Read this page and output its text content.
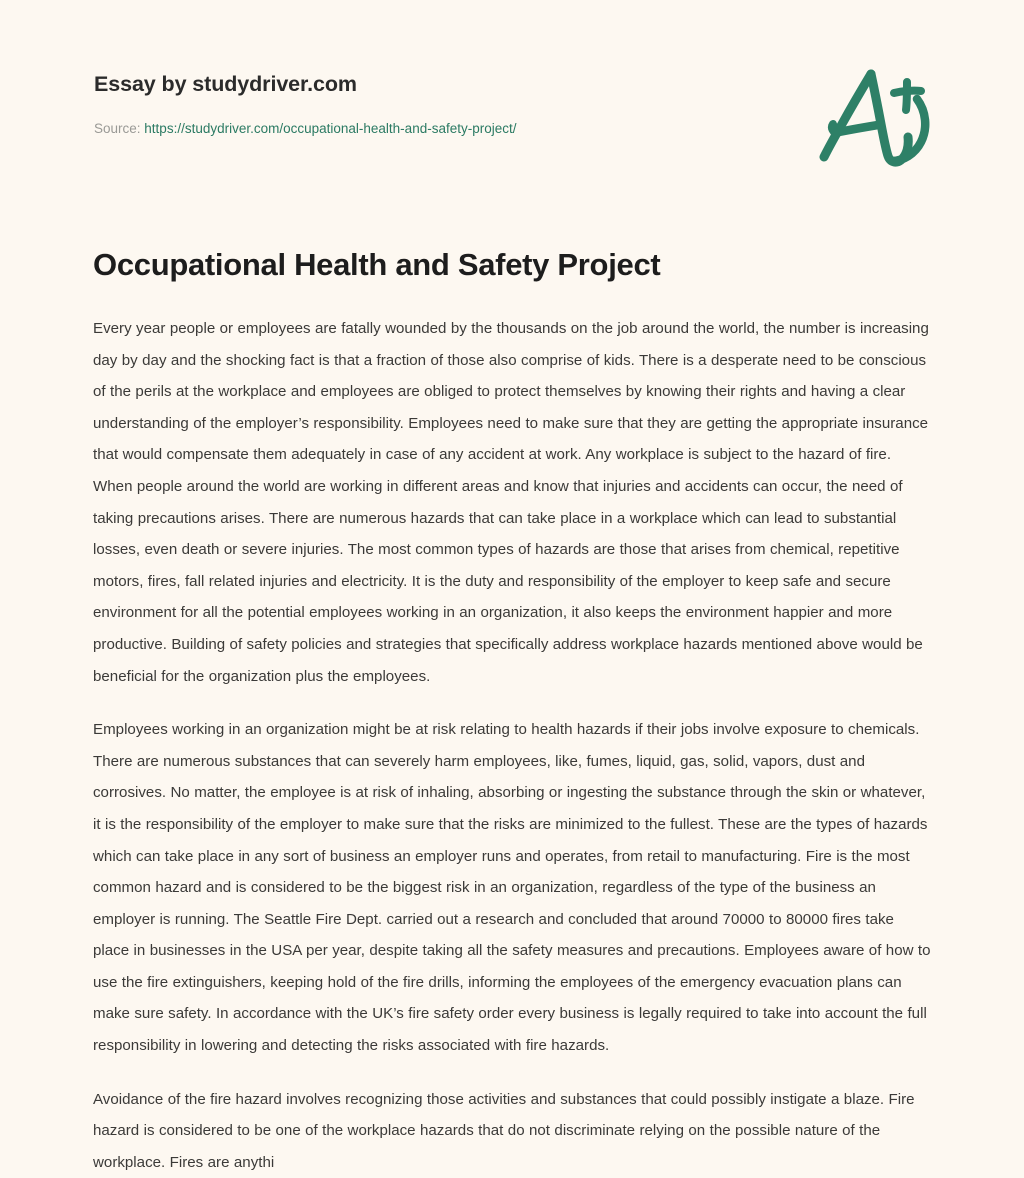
Essay by studydriver.com
Source: https://studydriver.com/occupational-health-and-safety-project/
Occupational Health and Safety Project

Every year people or employees are fatally wounded by the thousands on the job around the world, the number is increasing day by day and the shocking fact is that a fraction of those also comprise of kids. There is a desperate need to be conscious of the perils at the workplace and employees are obliged to protect themselves by knowing their rights and having a clear understanding of the employer’s responsibility. Employees need to make sure that they are getting the appropriate insurance that would compensate them adequately in case of any accident at work. Any workplace is subject to the hazard of fire. When people around the world are working in different areas and know that injuries and accidents can occur, the need of taking precautions arises. There are numerous hazards that can take place in a workplace which can lead to substantial losses, even death or severe injuries. The most common types of hazards are those that arises from chemical, repetitive motors, fires, fall related injuries and electricity. It is the duty and responsibility of the employer to keep safe and secure environment for all the potential employees working in an organization, it also keeps the environment happier and more productive. Building of safety policies and strategies that specifically address workplace hazards mentioned above would be beneficial for the organization plus the employees.

Employees working in an organization might be at risk relating to health hazards if their jobs involve exposure to chemicals. There are numerous substances that can severely harm employees, like, fumes, liquid, gas, solid, vapors, dust and corrosives. No matter, the employee is at risk of inhaling, absorbing or ingesting the substance through the skin or whatever, it is the responsibility of the employer to make sure that the risks are minimized to the fullest. These are the types of hazards which can take place in any sort of business an employer runs and operates, from retail to manufacturing. Fire is the most common hazard and is considered to be the biggest risk in an organization, regardless of the type of the business an employer is running. The Seattle Fire Dept. carried out a research and concluded that around 70000 to 80000 fires take place in businesses in the USA per year, despite taking all the safety measures and precautions. Employees aware of how to use the fire extinguishers, keeping hold of the fire drills, informing the employees of the emergency evacuation plans can make sure safety. In accordance with the UK’s fire safety order every business is legally required to take into account the full responsibility in lowering and detecting the risks associated with fire hazards.

Avoidance of the fire hazard involves recognizing those activities and substances that could possibly instigate a blaze. Fire hazard is considered to be one of the workplace hazards that do not discriminate relying on the possible nature of the workplace. Fires are anythi
